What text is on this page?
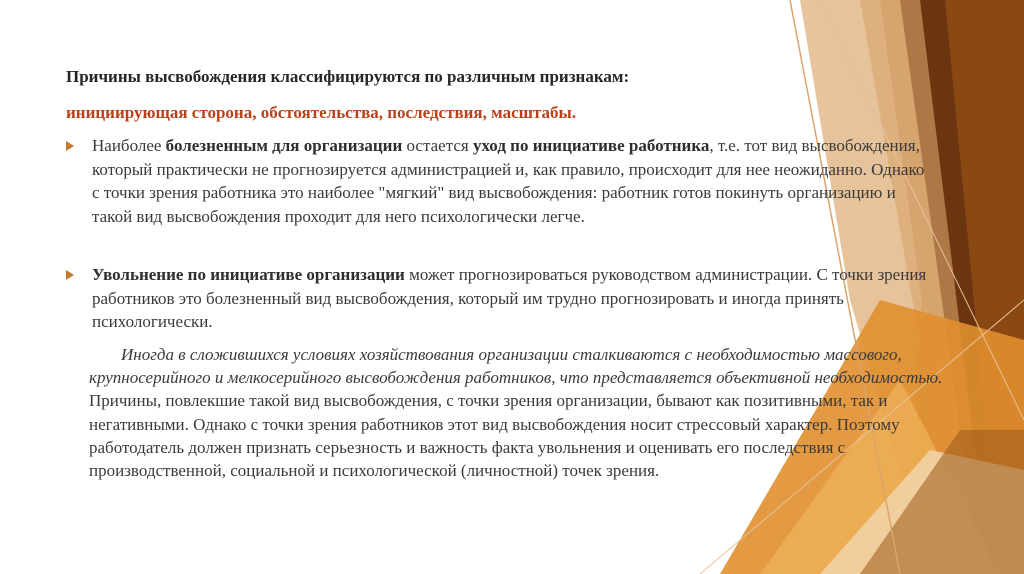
Причины высвобождения классифицируются по различным признакам:
инициирующая сторона, обстоятельства, последствия, масштабы.
Наиболее болезненным для организации остается уход по инициативе работника, т.е. тот вид высвобождения, который практически не прогнозируется администрацией и, как правило, происходит для нее неожиданно. Однако с точки зрения работника это наиболее "мягкий" вид высвобождения: работник готов покинуть организацию и такой вид высвобождения проходит для него психологически легче.
Увольнение по инициативе организации может прогнозироваться руководством администрации. С точки зрения работников это болезненный вид высвобождения, который им трудно прогнозировать и иногда принять психологически.
Иногда в сложившихся условиях хозяйствования организации сталкиваются с необходимостью массового, крупносерийного и мелкосерийного высвобождения работников, что представляется объективной необходимостью. Причины, повлекшие такой вид высвобождения, с точки зрения организации, бывают как позитивными, так и негативными. Однако с точки зрения работников этот вид высвобождения носит стрессовый характер. Поэтому работодатель должен признать серьезность и важность факта увольнения и оценивать его последствия с производственной, социальной и психологической (личностной) точек зрения.
